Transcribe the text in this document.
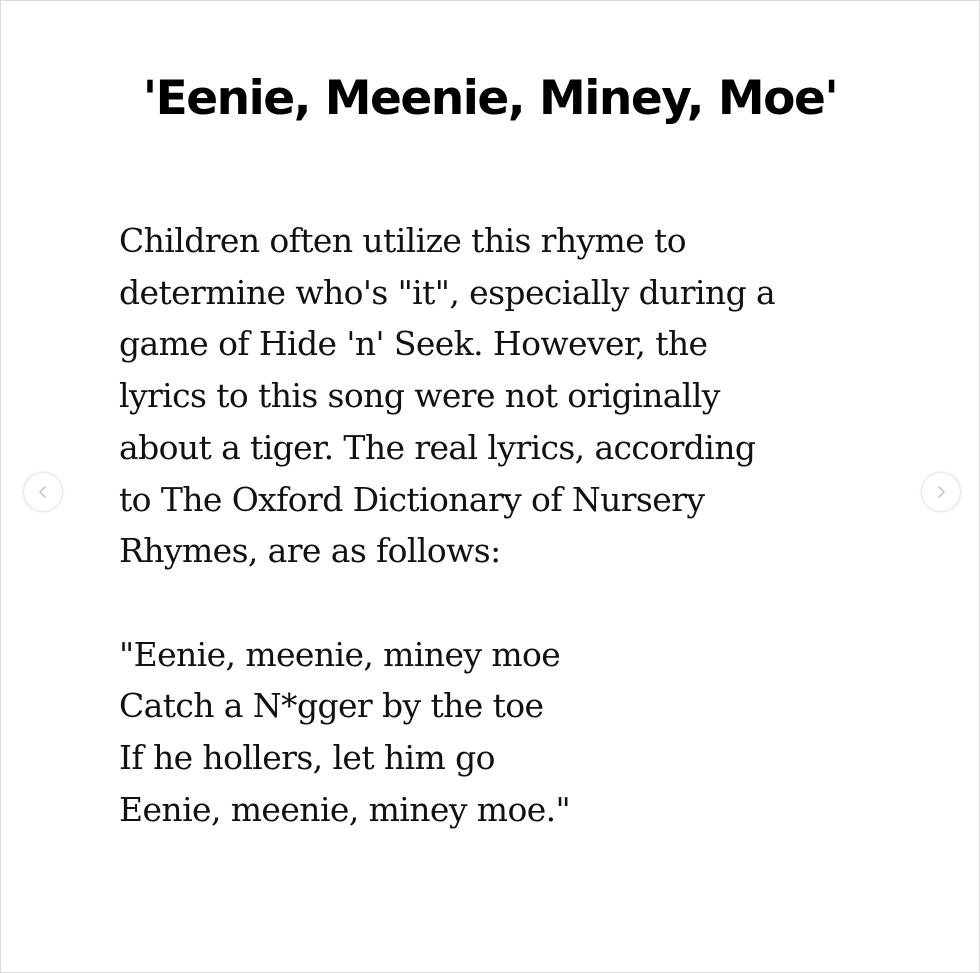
'Eenie, Meenie, Miney, Moe'
Children often utilize this rhyme to
determine who's "it", especially during a
game of Hide 'n' Seek. However, the
lyrics to this song were not originally
about a tiger. The real lyrics, according
to The Oxford Dictionary of Nursery
Rhymes, are as follows:
"Eenie, meenie, miney moe
Catch a N*gger by the toe
If he hollers, let him go
Eenie, meenie, miney moe."
